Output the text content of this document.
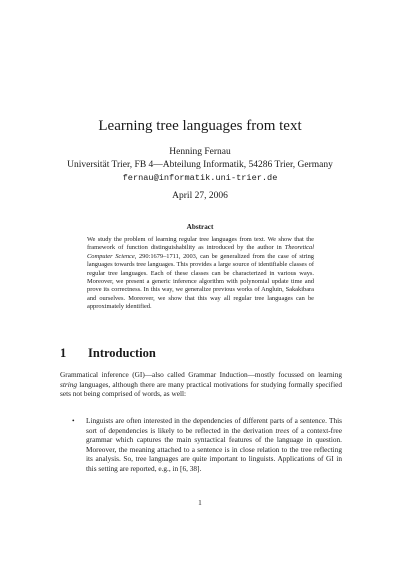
Learning tree languages from text
Henning Fernau
Universität Trier, FB 4—Abteilung Informatik, 54286 Trier, Germany
fernau@informatik.uni-trier.de
April 27, 2006
Abstract

We study the problem of learning regular tree languages from text. We show that the framework of function distinguishability as introduced by the author in Theoretical Computer Science, 290:1679–1711, 2003, can be generalized from the case of string languages towards tree languages. This provides a large source of identifiable classes of regular tree languages. Each of these classes can be characterized in various ways. Moreover, we present a generic inference algorithm with polynomial update time and prove its correctness. In this way, we generalize previous works of Angluin, Sakakibara and ourselves. Moreover, we show that this way all regular tree languages can be approximately identified.

1 Introduction

Grammatical inference (GI)—also called Grammar Induction—mostly focussed on learning string languages, although there are many practical motivations for studying formally specified sets not being comprised of words, as well:

• Linguists are often interested in the dependencies of different parts of a sentence. This sort of dependencies is likely to be reflected in the derivation trees of a context-free grammar which captures the main syntactical features of the language in question. Moreover, the meaning attached to a sentence is in close relation to the tree reflecting its analysis. So, tree languages are quite important to linguists. Applications of GI in this setting are reported, e.g., in [6, 38].

1
